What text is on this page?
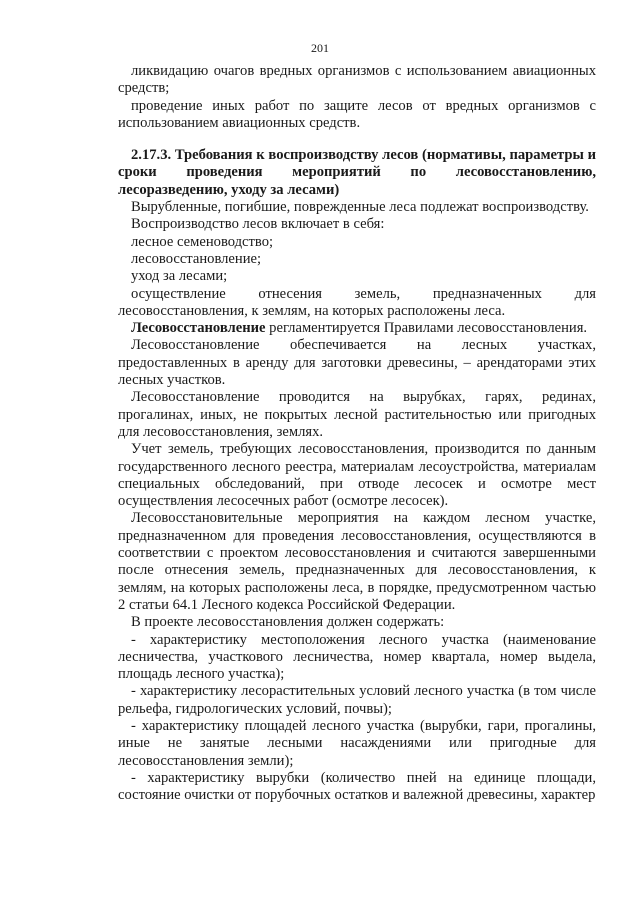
201

ликвидацию очагов вредных организмов с использованием авиационных средств;

проведение иных работ по защите лесов от вредных организмов с использованием авиационных средств.

2.17.3. Требования к воспроизводству лесов (нормативы, параметры и сроки проведения мероприятий по лесовосстановлению, лесоразведению, уходу за лесами)

Вырубленные, погибшие, поврежденные леса подлежат воспроизводству.

Воспроизводство лесов включает в себя:

лесное семеноводство;

лесовосстановление;

уход за лесами;

осуществление отнесения земель, предназначенных для лесовосстановления, к землям, на которых расположены леса.

Лесовосстановление регламентируется Правилами лесовосстановления.

Лесовосстановление обеспечивается на лесных участках, предоставленных в аренду для заготовки древесины, – арендаторами этих лесных участков.

Лесовосстановление проводится на вырубках, гарях, рединах, прогалинах, иных, не покрытых лесной растительностью или пригодных для лесовосстановления, землях.

Учет земель, требующих лесовосстановления, производится по данным государственного лесного реестра, материалам лесоустройства, материалам специальных обследований, при отводе лесосек и осмотре мест осуществления лесосечных работ (осмотре лесосек).

Лесовосстановительные мероприятия на каждом лесном участке, предназначенном для проведения лесовосстановления, осуществляются в соответствии с проектом лесовосстановления и считаются завершенными после отнесения земель, предназначенных для лесовосстановления, к землям, на которых расположены леса, в порядке, предусмотренном частью 2 статьи 64.1 Лесного кодекса Российской Федерации.

В проекте лесовосстановления должен содержать:

- характеристику местоположения лесного участка (наименование лесничества, участкового лесничества, номер квартала, номер выдела, площадь лесного участка);

- характеристику лесорастительных условий лесного участка (в том числе рельефа, гидрологических условий, почвы);

- характеристику площадей лесного участка (вырубки, гари, прогалины, иные не занятые лесными насаждениями или пригодные для лесовосстановления земли);

- характеристику вырубки (количество пней на единице площади, состояние очистки от порубочных остатков и валежной древесины, характер
